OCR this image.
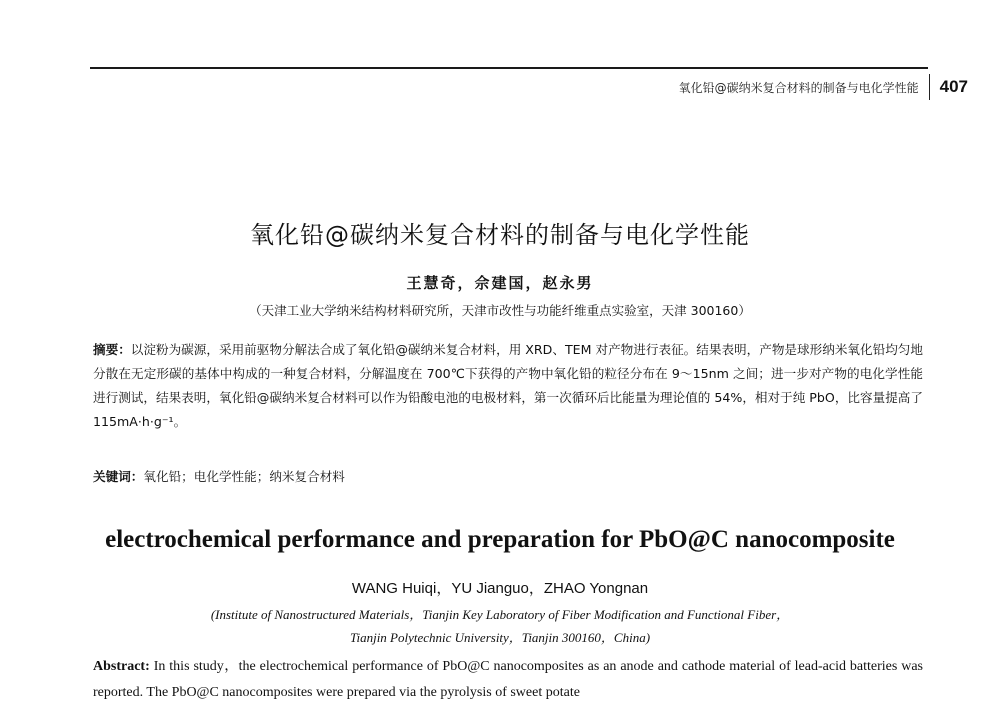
氧化铅@碳纳米复合材料的制备与电化学性能 407
氧化铅@碳纳米复合材料的制备与电化学性能
王慧奇，佘建国，赵永男
（天津工业大学纳米结构材料研究所，天津市改性与功能纤维重点实验室，天津 300160）
摘要：以淀粉为碳源，采用前驱物分解法合成了氧化铅@碳纳米复合材料，用 XRD、TEM 对产物进行表征。结果表明，产物是球形纳米氧化铅均匀地分散在无定形碳的基体中构成的一种复合材料，分解温度在 700℃下获得的产物中氧化铅的粒径分布在 9～15nm 之间；进一步对产物的电化学性能进行测试，结果表明，氧化铅@碳纳米复合材料可以作为铅酸电池的电极材料，第一次循环后比能量为理论值的 54%，相对于纯 PbO，比容量提高了 115mA·h·g⁻¹。
关键词：氧化铅；电化学性能；纳米复合材料
electrochemical performance and preparation for PbO@C nanocomposite
WANG Huiqi，YU Jianguo，ZHAO Yongnan
(Institute of Nanostructured Materials，Tianjin Key Laboratory of Fiber Modification and Functional Fiber，
Tianjin Polytechnic University，Tianjin 300160，China)
Abstract: In this study，the electrochemical performance of PbO@C nanocomposites as an anode and cathode material of lead-acid batteries was reported. The PbO@C nanocomposites were prepared via the pyrolysis of sweet potate
